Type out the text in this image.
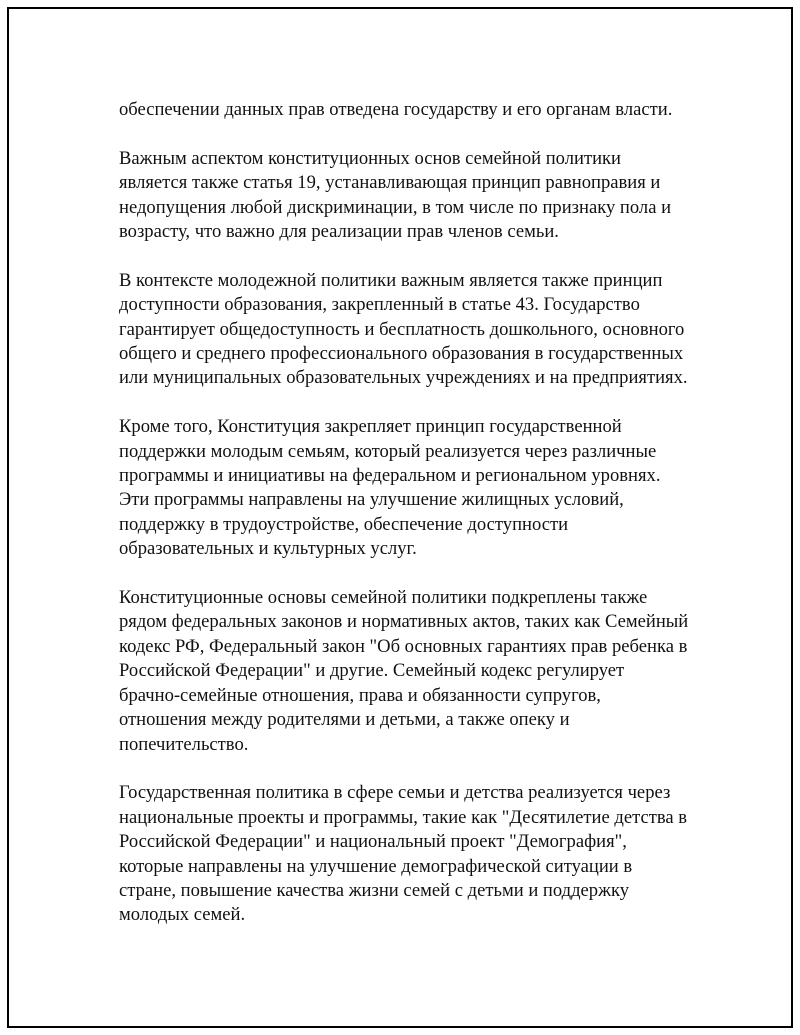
обеспечении данных прав отведена государству и его органам власти.

Важным аспектом конституционных основ семейной политики
является также статья 19, устанавливающая принцип равноправия и
недопущения любой дискриминации, в том числе по признаку пола и
возрасту, что важно для реализации прав членов семьи.

В контексте молодежной политики важным является также принцип
доступности образования, закрепленный в статье 43. Государство
гарантирует общедоступность и бесплатность дошкольного, основного
общего и среднего профессионального образования в государственных
или муниципальных образовательных учреждениях и на предприятиях.

Кроме того, Конституция закрепляет принцип государственной
поддержки молодым семьям, который реализуется через различные
программы и инициативы на федеральном и региональном уровнях.
Эти программы направлены на улучшение жилищных условий,
поддержку в трудоустройстве, обеспечение доступности
образовательных и культурных услуг.

Конституционные основы семейной политики подкреплены также
рядом федеральных законов и нормативных актов, таких как Семейный
кодекс РФ, Федеральный закон "Об основных гарантиях прав ребенка в
Российской Федерации" и другие. Семейный кодекс регулирует
брачно-семейные отношения, права и обязанности супругов,
отношения между родителями и детьми, а также опеку и
попечительство.

Государственная политика в сфере семьи и детства реализуется через
национальные проекты и программы, такие как "Десятилетие детства в
Российской Федерации" и национальный проект "Демография",
которые направлены на улучшение демографической ситуации в
стране, повышение качества жизни семей с детьми и поддержку
молодых семей.
